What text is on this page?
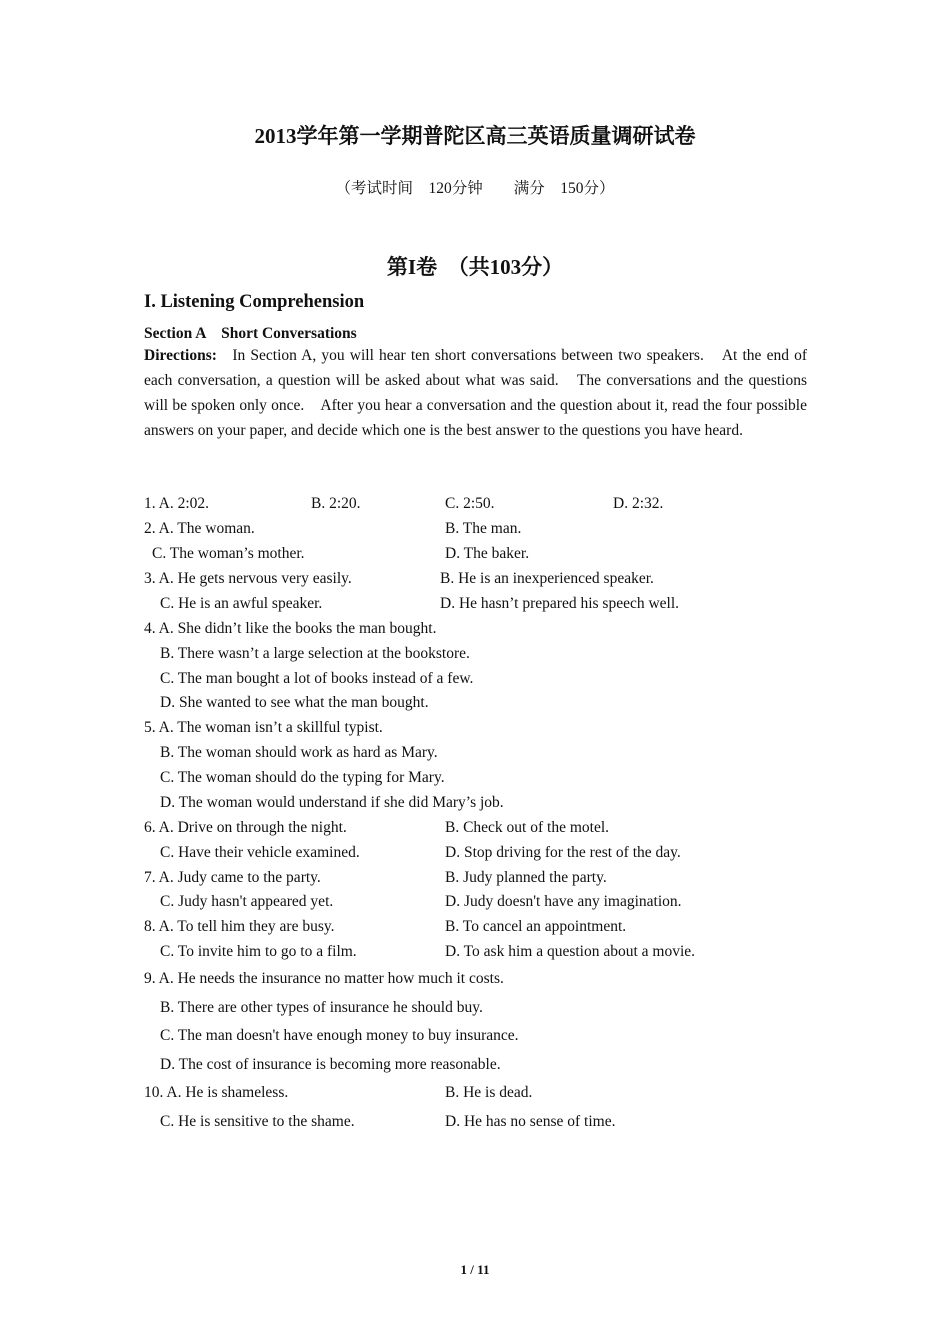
2013学年第一学期普陀区高三英语质量调研试卷
（考试时间　120分钟　　满分　150分）
第I卷　（共103分）
I. Listening Comprehension
Section A　Short Conversations
Directions: In Section A, you will hear ten short conversations between two speakers.　At the end of each conversation, a question will be asked about what was said.　The conversations and the questions will be spoken only once.　After you hear a conversation and the question about it, read the four possible answers on your paper, and decide which one is the best answer to the questions you have heard.
1. A. 2:02.	B. 2:20.	C. 2:50.	D. 2:32.
2. A. The woman.	B. The man.
C. The woman’s mother.	D. The baker.
3. A. He gets nervous very easily.	B. He is an inexperienced speaker.
C. He is an awful speaker.	D. He hasn’t prepared his speech well.
4. A. She didn’t like the books the man bought.
B. There wasn’t a large selection at the bookstore.
C. The man bought a lot of books instead of a few.
D. She wanted to see what the man bought.
5. A. The woman isn’t a skillful typist.
B. The woman should work as hard as Mary.
C. The woman should do the typing for Mary.
D. The woman would understand if she did Mary’s job.
6. A. Drive on through the night.	B. Check out of the motel.
C. Have their vehicle examined.	D. Stop driving for the rest of the day.
7. A. Judy came to the party.	B. Judy planned the party.
C. Judy hasn't appeared yet.	D. Judy doesn't have any imagination.
8. A. To tell him they are busy.	B. To cancel an appointment.
C. To invite him to go to a film.	D. To ask him a question about a movie.
9. A. He needs the insurance no matter how much it costs.
B. There are other types of insurance he should buy.
C. The man doesn't have enough money to buy insurance.
D. The cost of insurance is becoming more reasonable.
10. A. He is shameless.	B. He is dead.
C. He is sensitive to the shame.	D. He has no sense of time.
1 / 11
